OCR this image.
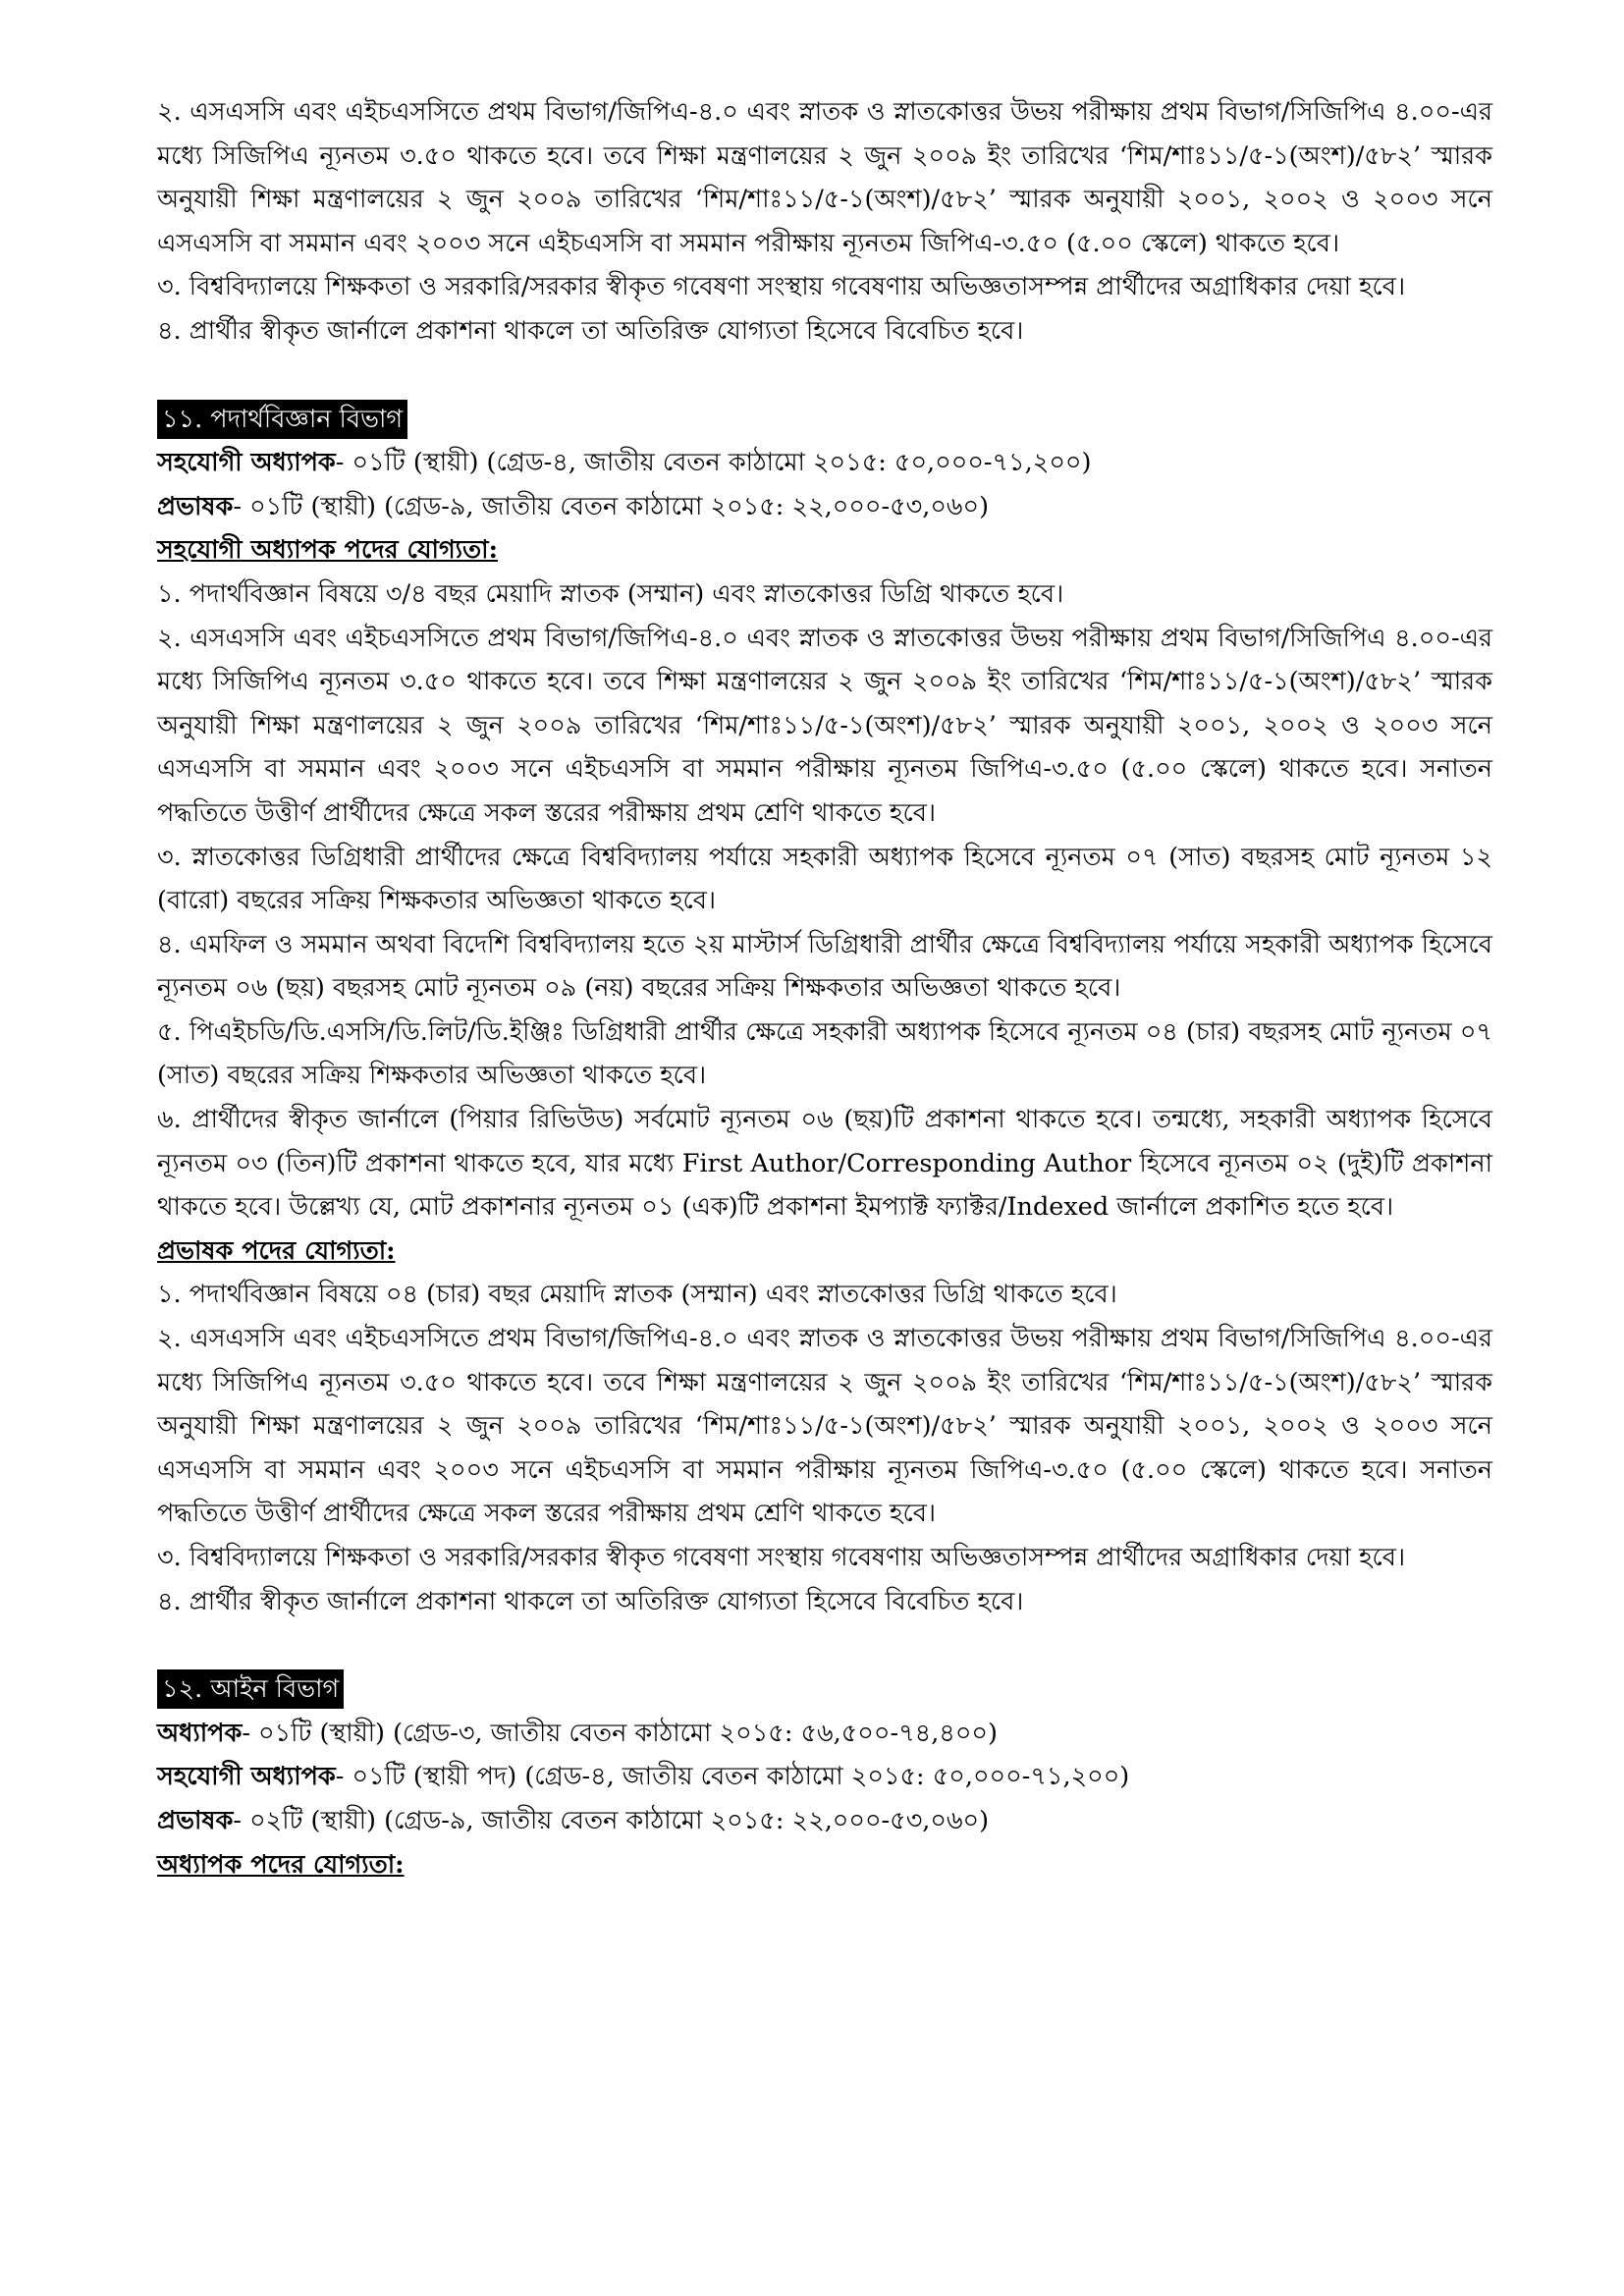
২. এসএসসি এবং এইচএসসিতে প্রথম বিভাগ/জিপিএ-৪.০ এবং স্নাতক ও স্নাতকোত্তর উভয় পরীক্ষায় প্রথম বিভাগ/সিজিপিএ ৪.০০-এর মধ্যে সিজিপিএ ন্যূনতম ৩.৫০ থাকতে হবে। তবে শিক্ষা মন্ত্রণালয়ের ২ জুন ২০০৯ ইং তারিখের ‘শিম/শাঃ১১/৫-১(অংশ)/৫৮২’ স্মারক অনুযায়ী শিক্ষা মন্ত্রণালয়ের ২ জুন ২০০৯ তারিখের ‘শিম/শাঃ১১/৫-১(অংশ)/৫৮২’ স্মারক অনুযায়ী ২০০১, ২০০২ ও ২০০৩ সনে এসএসসি বা সমমান এবং ২০০৩ সনে এইচএসসি বা সমমান পরীক্ষায় ন্যূনতম জিপিএ-৩.৫০ (৫.০০ স্কেলে) থাকতে হবে।

৩. বিশ্ববিদ্যালয়ে শিক্ষকতা ও সরকারি/সরকার স্বীকৃত গবেষণা সংস্থায় গবেষণায় অভিজ্ঞতাসম্পন্ন প্রার্থীদের অগ্রাধিকার দেয়া হবে।

৪. প্রার্থীর স্বীকৃত জার্নালে প্রকাশনা থাকলে তা অতিরিক্ত যোগ্যতা হিসেবে বিবেচিত হবে।

১১. পদার্থবিজ্ঞান বিভাগ

সহযোগী অধ্যাপক- ০১টি (স্থায়ী) (গ্রেড-৪, জাতীয় বেতন কাঠামো ২০১৫: ৫০,০০০-৭১,২০০)

প্রভাষক- ০১টি (স্থায়ী) (গ্রেড-৯, জাতীয় বেতন কাঠামো ২০১৫: ২২,০০০-৫৩,০৬০)

সহযোগী অধ্যাপক পদের যোগ্যতা:

১. পদার্থবিজ্ঞান বিষয়ে ৩/৪ বছর মেয়াদি স্নাতক (সম্মান) এবং স্নাতকোত্তর ডিগ্রি থাকতে হবে।

২. এসএসসি এবং এইচএসসিতে প্রথম বিভাগ/জিপিএ-৪.০ এবং স্নাতক ও স্নাতকোত্তর উভয় পরীক্ষায় প্রথম বিভাগ/সিজিপিএ ৪.০০-এর মধ্যে সিজিপিএ ন্যূনতম ৩.৫০ থাকতে হবে। তবে শিক্ষা মন্ত্রণালয়ের ২ জুন ২০০৯ ইং তারিখের ‘শিম/শাঃ১১/৫-১(অংশ)/৫৮২’ স্মারক অনুযায়ী শিক্ষা মন্ত্রণালয়ের ২ জুন ২০০৯ তারিখের ‘শিম/শাঃ১১/৫-১(অংশ)/৫৮২’ স্মারক অনুযায়ী ২০০১, ২০০২ ও ২০০৩ সনে এসএসসি বা সমমান এবং ২০০৩ সনে এইচএসসি বা সমমান পরীক্ষায় ন্যূনতম জিপিএ-৩.৫০ (৫.০০ স্কেলে) থাকতে হবে। সনাতন পদ্ধতিতে উত্তীর্ণ প্রার্থীদের ক্ষেত্রে সকল স্তরের পরীক্ষায় প্রথম শ্রেণি থাকতে হবে।

৩. স্নাতকোত্তর ডিগ্রিধারী প্রার্থীদের ক্ষেত্রে বিশ্ববিদ্যালয় পর্যায়ে সহকারী অধ্যাপক হিসেবে ন্যূনতম ০৭ (সাত) বছরসহ মোট ন্যূনতম ১২ (বারো) বছরের সক্রিয় শিক্ষকতার অভিজ্ঞতা থাকতে হবে।

৪. এমফিল ও সমমান অথবা বিদেশি বিশ্ববিদ্যালয় হতে ২য় মাস্টার্স ডিগ্রিধারী প্রার্থীর ক্ষেত্রে বিশ্ববিদ্যালয় পর্যায়ে সহকারী অধ্যাপক হিসেবে ন্যূনতম ০৬ (ছয়) বছরসহ মোট ন্যূনতম ০৯ (নয়) বছরের সক্রিয় শিক্ষকতার অভিজ্ঞতা থাকতে হবে।

৫. পিএইচডি/ডি.এসসি/ডি.লিট/ডি.ইঞ্জিঃ ডিগ্রিধারী প্রার্থীর ক্ষেত্রে সহকারী অধ্যাপক হিসেবে ন্যূনতম ০৪ (চার) বছরসহ মোট ন্যূনতম ০৭ (সাত) বছরের সক্রিয় শিক্ষকতার অভিজ্ঞতা থাকতে হবে।

৬. প্রার্থীদের স্বীকৃত জার্নালে (পিয়ার রিভিউড) সর্বমোট ন্যূনতম ০৬ (ছয়)টি প্রকাশনা থাকতে হবে। তন্মধ্যে, সহকারী অধ্যাপক হিসেবে ন্যূনতম ০৩ (তিন)টি প্রকাশনা থাকতে হবে, যার মধ্যে First Author/Corresponding Author হিসেবে ন্যূনতম ০২ (দুই)টি প্রকাশনা থাকতে হবে। উল্লেখ্য যে, মোট প্রকাশনার ন্যূনতম ০১ (এক)টি প্রকাশনা ইমপ্যাক্ট ফ্যাক্টর/Indexed জার্নালে প্রকাশিত হতে হবে।

প্রভাষক পদের যোগ্যতা:

১. পদার্থবিজ্ঞান বিষয়ে ০৪ (চার) বছর মেয়াদি স্নাতক (সম্মান) এবং স্নাতকোত্তর ডিগ্রি থাকতে হবে।

২. এসএসসি এবং এইচএসসিতে প্রথম বিভাগ/জিপিএ-৪.০ এবং স্নাতক ও স্নাতকোত্তর উভয় পরীক্ষায় প্রথম বিভাগ/সিজিপিএ ৪.০০-এর মধ্যে সিজিপিএ ন্যূনতম ৩.৫০ থাকতে হবে। তবে শিক্ষা মন্ত্রণালয়ের ২ জুন ২০০৯ ইং তারিখের ‘শিম/শাঃ১১/৫-১(অংশ)/৫৮২’ স্মারক অনুযায়ী শিক্ষা মন্ত্রণালয়ের ২ জুন ২০০৯ তারিখের ‘শিম/শাঃ১১/৫-১(অংশ)/৫৮২’ স্মারক অনুযায়ী ২০০১, ২০০২ ও ২০০৩ সনে এসএসসি বা সমমান এবং ২০০৩ সনে এইচএসসি বা সমমান পরীক্ষায় ন্যূনতম জিপিএ-৩.৫০ (৫.০০ স্কেলে) থাকতে হবে। সনাতন পদ্ধতিতে উত্তীর্ণ প্রার্থীদের ক্ষেত্রে সকল স্তরের পরীক্ষায় প্রথম শ্রেণি থাকতে হবে।

৩. বিশ্ববিদ্যালয়ে শিক্ষকতা ও সরকারি/সরকার স্বীকৃত গবেষণা সংস্থায় গবেষণায় অভিজ্ঞতাসম্পন্ন প্রার্থীদের অগ্রাধিকার দেয়া হবে।

৪. প্রার্থীর স্বীকৃত জার্নালে প্রকাশনা থাকলে তা অতিরিক্ত যোগ্যতা হিসেবে বিবেচিত হবে।

১২. আইন বিভাগ

অধ্যাপক- ০১টি (স্থায়ী) (গ্রেড-৩, জাতীয় বেতন কাঠামো ২০১৫: ৫৬,৫০০-৭৪,৪০০)

সহযোগী অধ্যাপক- ০১টি (স্থায়ী পদ) (গ্রেড-৪, জাতীয় বেতন কাঠামো ২০১৫: ৫০,০০০-৭১,২০০)

প্রভাষক- ০২টি (স্থায়ী) (গ্রেড-৯, জাতীয় বেতন কাঠামো ২০১৫: ২২,০০০-৫৩,০৬০)

অধ্যাপক পদের যোগ্যতা:
